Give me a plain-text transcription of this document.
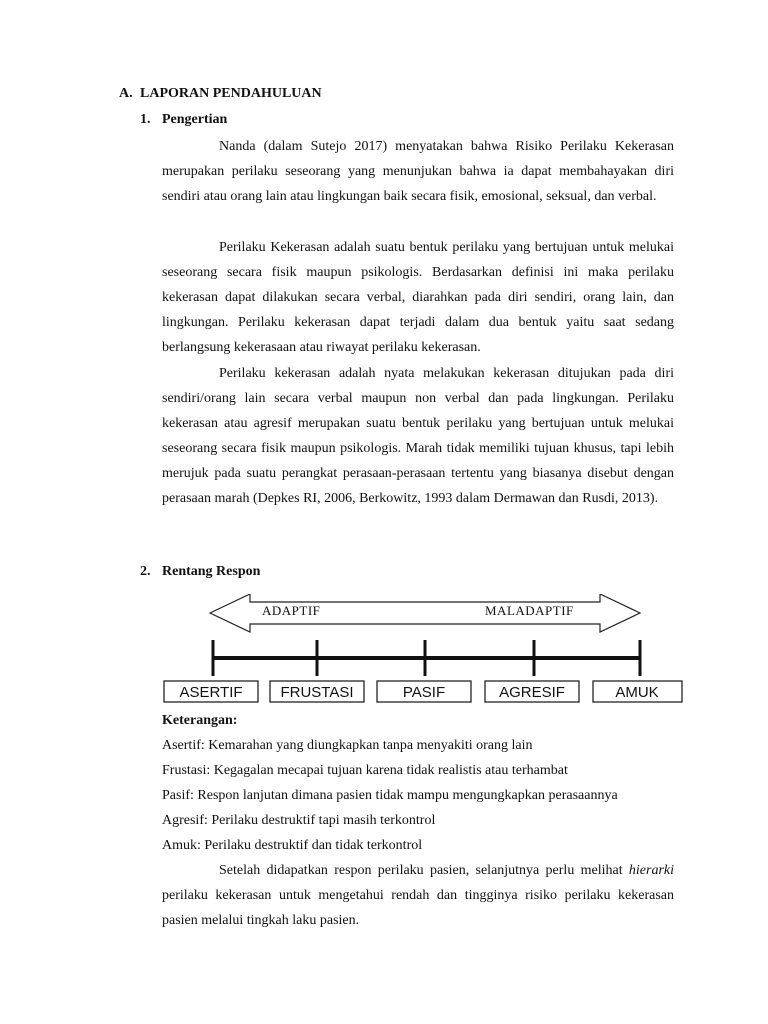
A. LAPORAN PENDAHULUAN
1. Pengertian

Nanda (dalam Sutejo 2017) menyatakan bahwa Risiko Perilaku Kekerasan merupakan perilaku seseorang yang menunjukan bahwa ia dapat membahayakan diri sendiri atau orang lain atau lingkungan baik secara fisik, emosional, seksual, dan verbal.

Perilaku Kekerasan adalah suatu bentuk perilaku yang bertujuan untuk melukai seseorang secara fisik maupun psikologis. Berdasarkan definisi ini maka perilaku kekerasan dapat dilakukan secara verbal, diarahkan pada diri sendiri, orang lain, dan lingkungan. Perilaku kekerasan dapat terjadi dalam dua bentuk yaitu saat sedang berlangsung kekerasaan atau riwayat perilaku kekerasan.

Perilaku kekerasan adalah nyata melakukan kekerasan ditujukan pada diri sendiri/orang lain secara verbal maupun non verbal dan pada lingkungan. Perilaku kekerasan atau agresif merupakan suatu bentuk perilaku yang bertujuan untuk melukai seseorang secara fisik maupun psikologis. Marah tidak memiliki tujuan khusus, tapi lebih merujuk pada suatu perangkat perasaan-perasaan tertentu yang biasanya disebut dengan perasaan marah (Depkes RI, 2006, Berkowitz, 1993 dalam Dermawan dan Rusdi, 2013).

2. Rentang Respon
ADAPTIF	MALADAPTIF
ASERTIF	FRUSTASI	PASIF	AGRESIF	AMUK
Keterangan:
Asertif: Kemarahan yang diungkapkan tanpa menyakiti orang lain
Frustasi: Kegagalan mecapai tujuan karena tidak realistis atau terhambat
Pasif: Respon lanjutan dimana pasien tidak mampu mengungkapkan perasaannya
Agresif: Perilaku destruktif tapi masih terkontrol
Amuk: Perilaku destruktif dan tidak terkontrol

Setelah didapatkan respon perilaku pasien, selanjutnya perlu melihat hierarki perilaku kekerasan untuk mengetahui rendah dan tingginya risiko perilaku kekerasan pasien melalui tingkah laku pasien.
